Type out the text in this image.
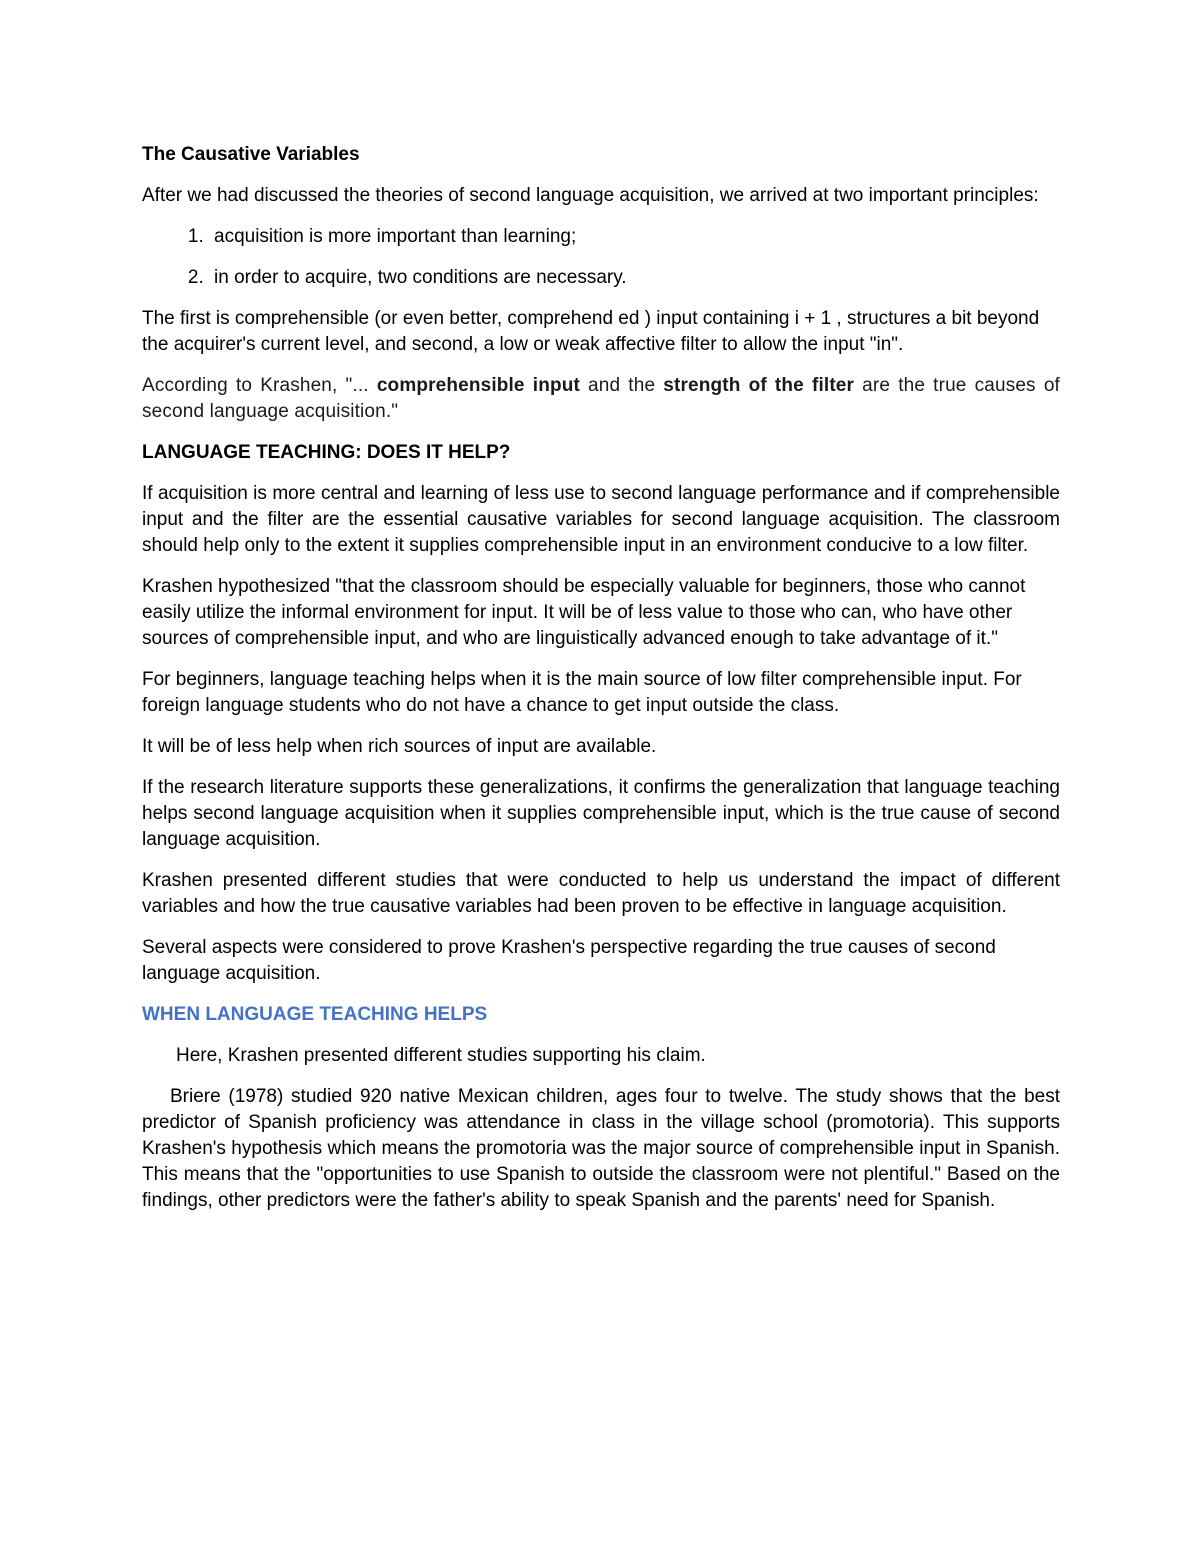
The Causative Variables

After we had discussed the theories of second language acquisition, we arrived at two important principles:

1. acquisition is more important than learning;
2. in order to acquire, two conditions are necessary.

The first is comprehensible (or even better, comprehend ed ) input containing i + 1 , structures a bit beyond the acquirer's current level, and second, a low or weak affective filter to allow the input "in".

According to Krashen, "... comprehensible input and the strength of the filter are the true causes of second language acquisition."

LANGUAGE TEACHING: DOES IT HELP?

If acquisition is more central and learning of less use to second language performance and if comprehensible input and the filter are the essential causative variables for second language acquisition. The classroom should help only to the extent it supplies comprehensible input in an environment conducive to a low filter.

Krashen hypothesized "that the classroom should be especially valuable for beginners, those who cannot easily utilize the informal environment for input. It will be of less value to those who can, who have other sources of comprehensible input, and who are linguistically advanced enough to take advantage of it."

For beginners, language teaching helps when it is the main source of low filter comprehensible input. For foreign language students who do not have a chance to get input outside the class.

It will be of less help when rich sources of input are available.

If the research literature supports these generalizations, it confirms the generalization that language teaching helps second language acquisition when it supplies comprehensible input, which is the true cause of second language acquisition.

Krashen presented different studies that were conducted to help us understand the impact of different variables and how the true causative variables had been proven to be effective in language acquisition.

Several aspects were considered to prove Krashen's perspective regarding the true causes of second language acquisition.

WHEN LANGUAGE TEACHING HELPS

Here, Krashen presented different studies supporting his claim.

Briere (1978) studied 920 native Mexican children, ages four to twelve. The study shows that the best predictor of Spanish proficiency was attendance in class in the village school (promotoria). This supports Krashen's hypothesis which means the promotoria was the major source of comprehensible input in Spanish. This means that the "opportunities to use Spanish to outside the classroom were not plentiful." Based on the findings, other predictors were the father's ability to speak Spanish and the parents' need for Spanish.
